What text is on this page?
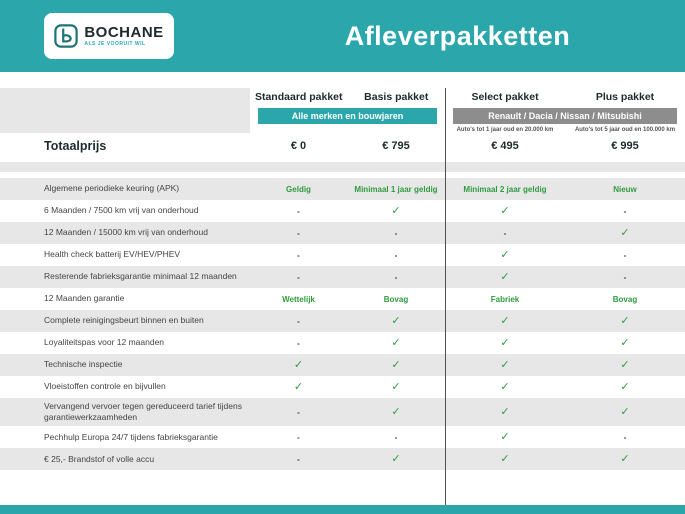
BOCHANE
ALS JE VOORUIT WIL	Afleverpakketten
Standaard pakket	Basis pakket
Alle merken en bouwjaren
Select pakket	Plus pakket
Renault / Dacia / Nissan / Mitsubishi
Auto's tot 1 jaar oud en 20.000 km	Auto's tot 5 jaar oud en 100.000 km
Totaalprijs	€ 0	€ 795	€ 495	€ 995
Algemene periodieke keuring (APK)	Geldig	Minimaal 1 jaar geldig	Minimaal 2 jaar geldig	Nieuw
6 Maanden / 7500 km vrij van onderhoud	-	✓	✓	-
12 Maanden / 15000 km vrij van onderhoud	-	-	-	✓
Health check batterij EV/HEV/PHEV	-	-	✓	-
Resterende fabrieksgarantie minimaal 12 maanden	-	-	✓	-
12 Maanden garantie	Wettelijk	Bovag	Fabriek	Bovag
Complete reinigingsbeurt binnen en buiten	-	✓	✓	✓
Loyaliteitspas voor 12 maanden	-	✓	✓	✓
Technische inspectie	✓	✓	✓	✓
Vloeistoffen controle en bijvullen	✓	✓	✓	✓
Vervangend vervoer tegen gereduceerd tarief tijdens garantiewerkzaamheden	-	✓	✓	✓
Pechhulp Europa 24/7 tijdens fabrieksgarantie	-	-	✓	-
€ 25,- Brandstof of volle accu	-	✓	✓	✓
